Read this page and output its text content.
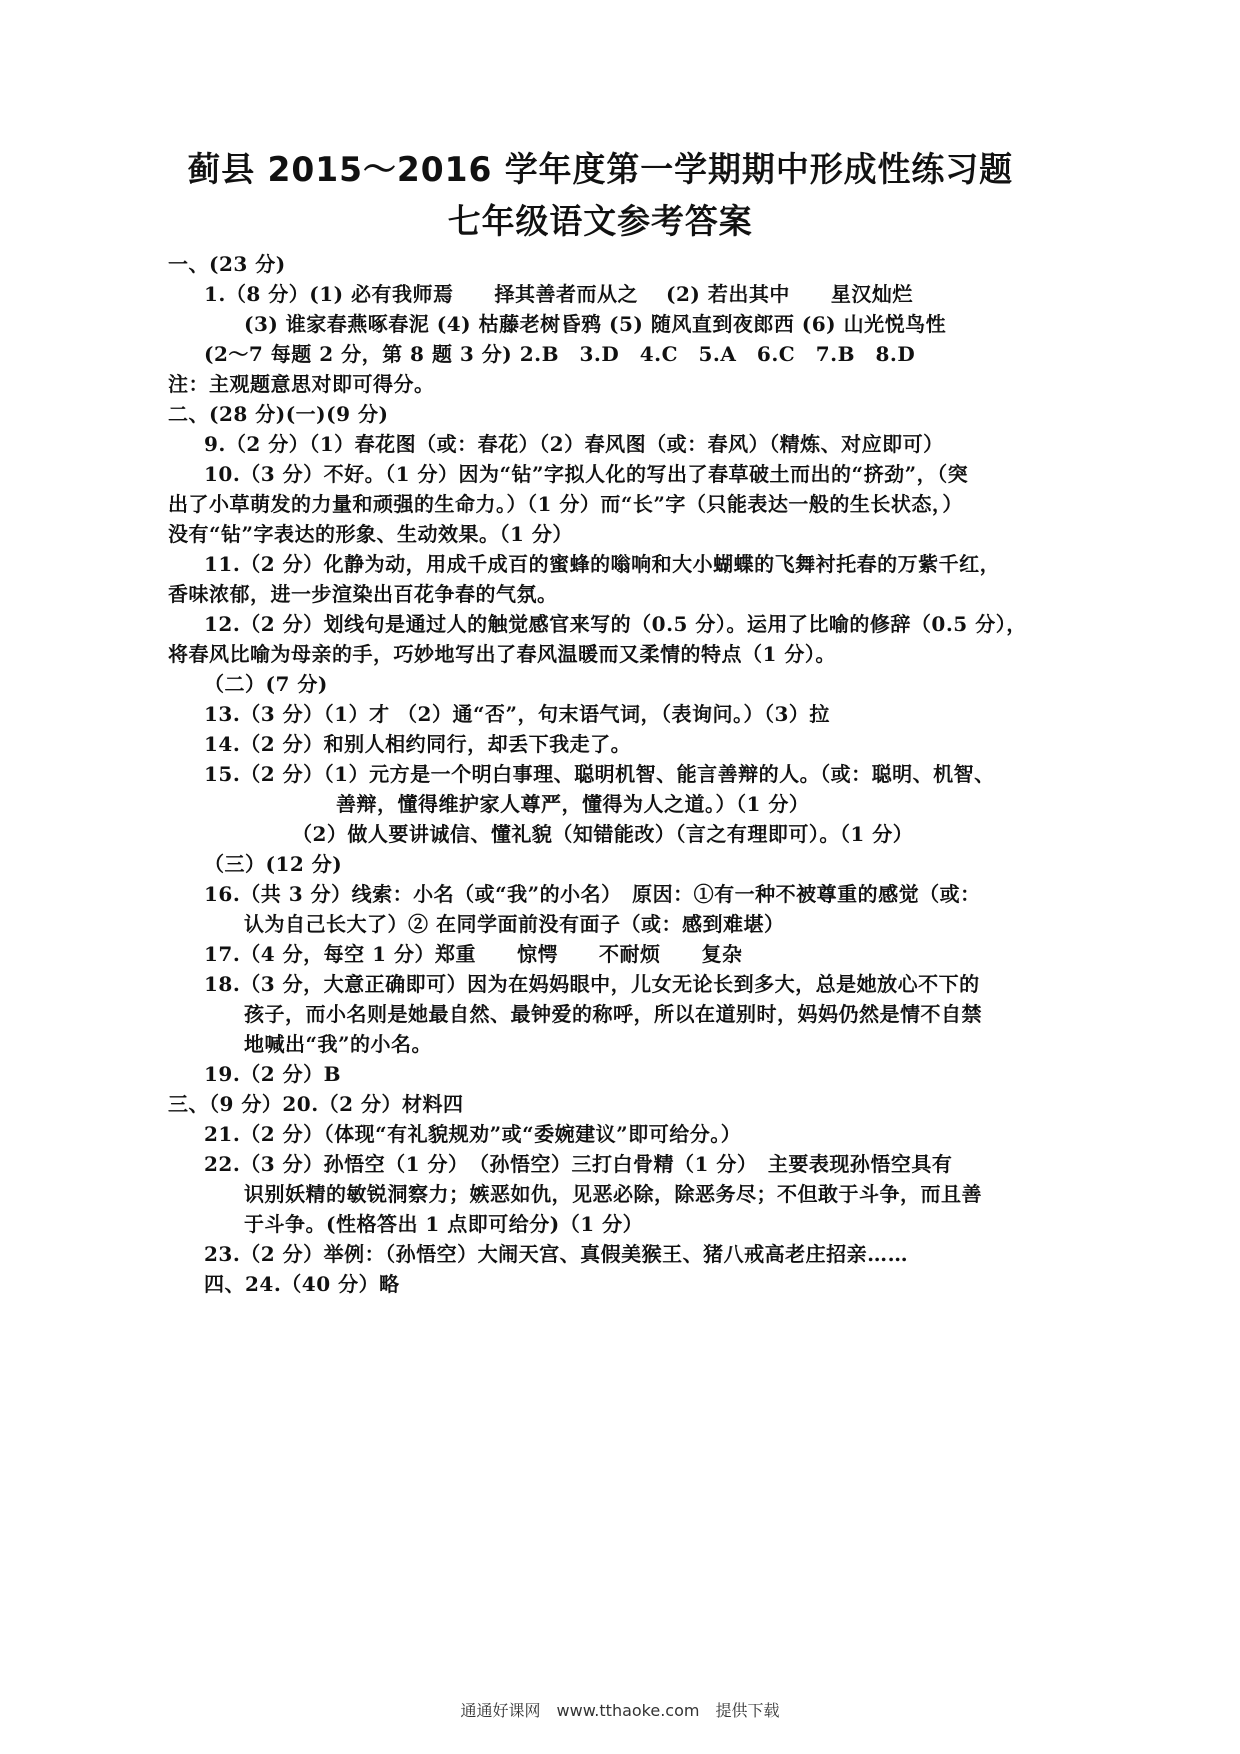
蓟县 2015～2016 学年度第一学期期中形成性练习题
七年级语文参考答案
一、(23 分)
1.（8 分）(1) 必有我师焉　　择其善者而从之　 (2) 若出其中　　星汉灿烂
(3) 谁家春燕啄春泥 (4) 枯藤老树昏鸦 (5) 随风直到夜郎西 (6) 山光悦鸟性
(2～7 每题 2 分，第 8 题 3 分) 2.B　3.D　4.C　5.A　6.C　7.B　8.D
注：主观题意思对即可得分。
二、(28 分)(一)(9 分)
9.（2 分）（1）春花图（或：春花）（2）春风图（或：春风）（精炼、对应即可）
10.（3 分）不好。（1 分）因为“钻”字拟人化的写出了春草破土而出的“挤劲”，（突
出了小草萌发的力量和顽强的生命力。）（1 分）而“长”字（只能表达一般的生长状态，）
没有“钻”字表达的形象、生动效果。（1 分）
11.（2 分）化静为动，用成千成百的蜜蜂的嗡响和大小蝴蝶的飞舞衬托春的万紫千红，
香味浓郁，进一步渲染出百花争春的气氛。
12.（2 分）划线句是通过人的触觉感官来写的（0.5 分）。运用了比喻的修辞（0.5 分），
将春风比喻为母亲的手，巧妙地写出了春风温暖而又柔情的特点（1 分）。
（二）(7 分)
13.（3 分）（1）才 （2）通“否”，句末语气词，（表询问。）（3）拉
14.（2 分）和别人相约同行，却丢下我走了。
15.（2 分）（1）元方是一个明白事理、聪明机智、能言善辩的人。（或：聪明、机智、
善辩，懂得维护家人尊严，懂得为人之道。）（1 分）
（2）做人要讲诚信、懂礼貌（知错能改）（言之有理即可）。（1 分）
（三）(12 分)
16.（共 3 分）线索：小名（或“我”的小名）　原因：①有一种不被尊重的感觉（或：
认为自己长大了）② 在同学面前没有面子（或：感到难堪）
17.（4 分，每空 1 分）郑重　　惊愕　　不耐烦　　复杂
18.（3 分，大意正确即可）因为在妈妈眼中，儿女无论长到多大，总是她放心不下的
孩子，而小名则是她最自然、最钟爱的称呼，所以在道别时，妈妈仍然是情不自禁
地喊出“我”的小名。
19.（2 分）B
三、（9 分）20.（2 分）材料四
21.（2 分）（体现“有礼貌规劝”或“委婉建议”即可给分。）
22.（3 分）孙悟空（1 分）　（孙悟空）三打白骨精（1 分）　主要表现孙悟空具有
识别妖精的敏锐洞察力；嫉恶如仇，见恶必除，除恶务尽；不但敢于斗争，而且善
于斗争。(性格答出 1 点即可给分)（1 分）
23.（2 分）举例：（孙悟空）大闹天宫、真假美猴王、猪八戒高老庄招亲……
四、24.（40 分）略
通通好课网　www.tthaoke.com　提供下载
